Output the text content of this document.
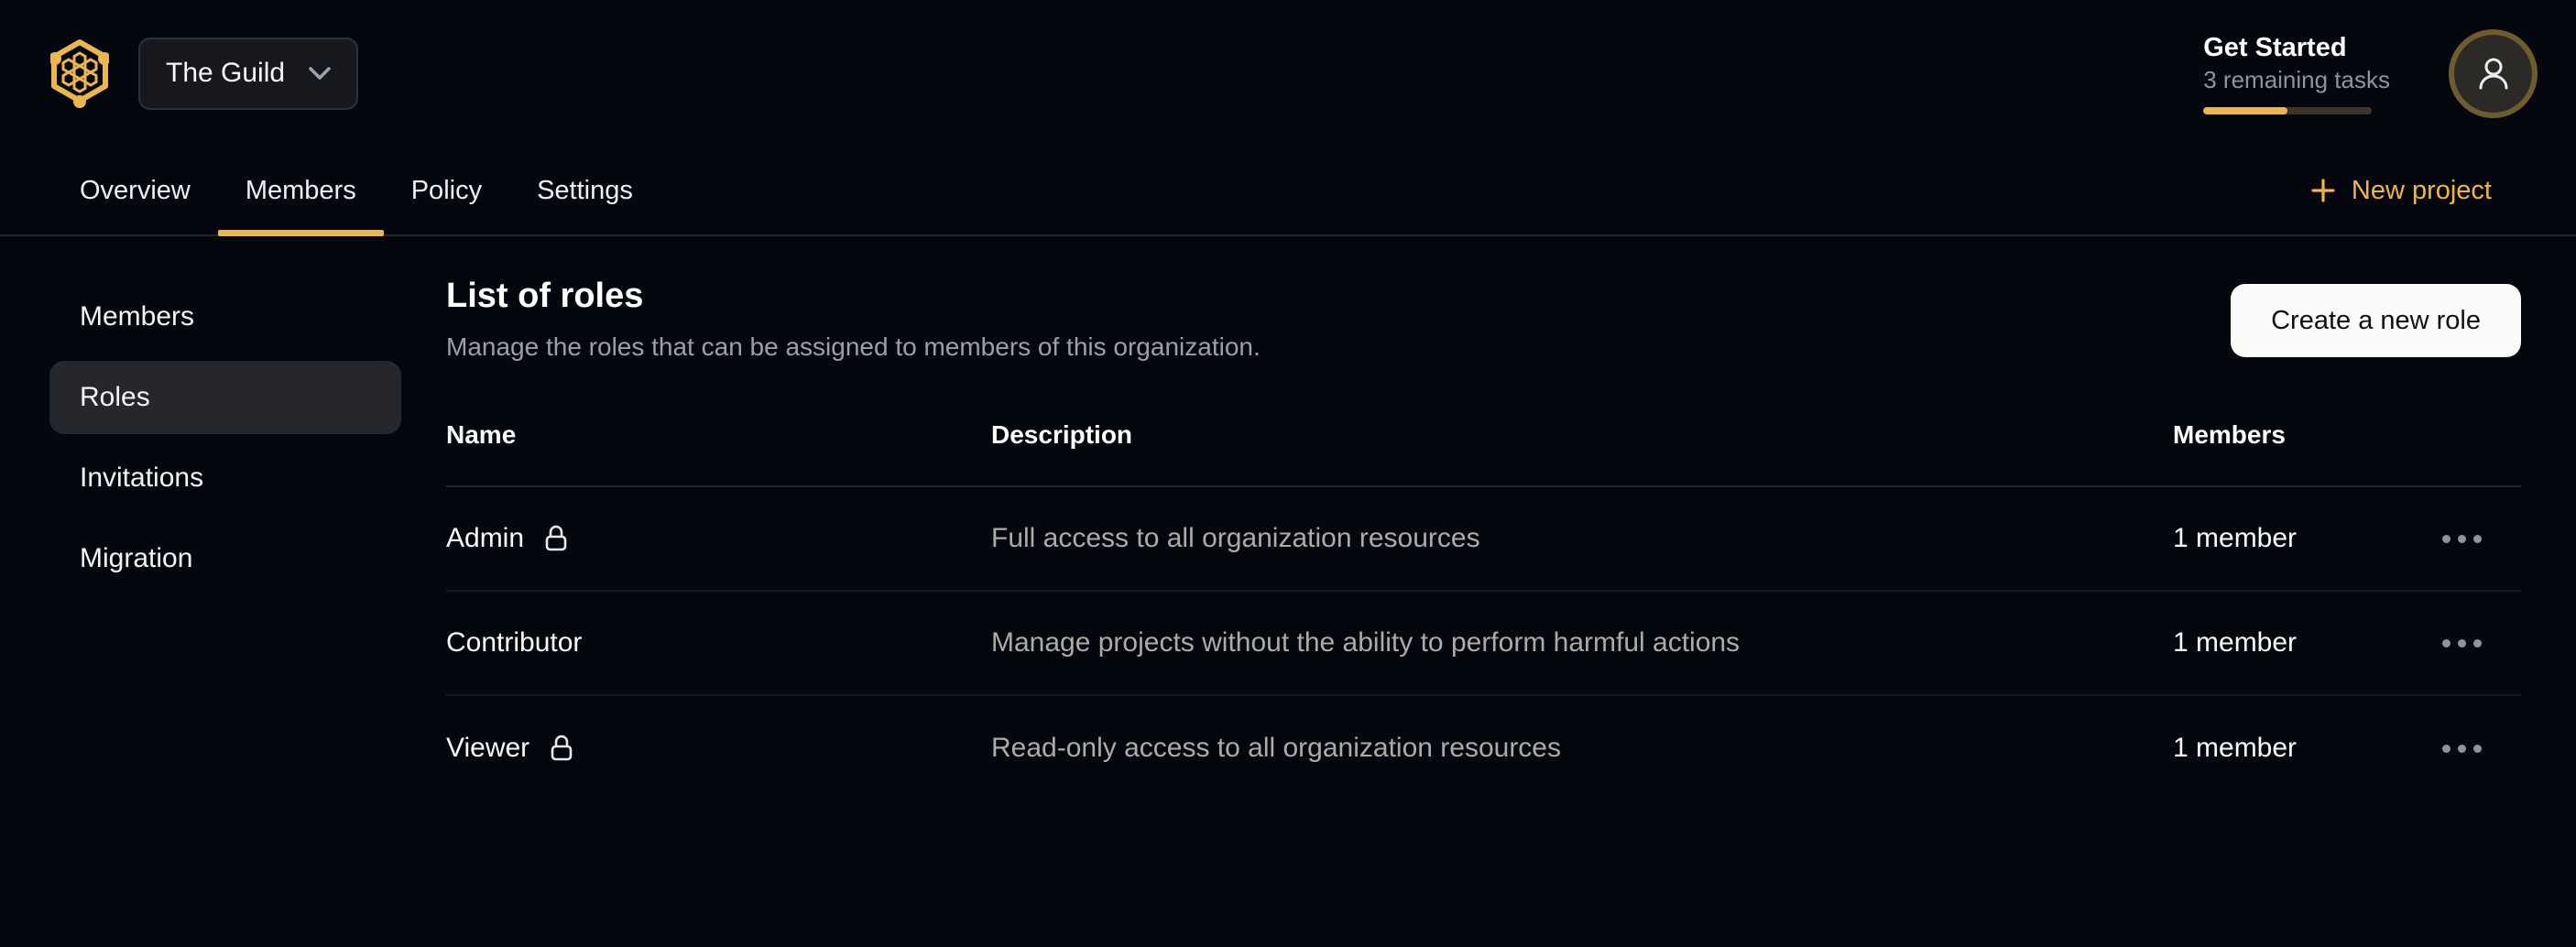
The Guild
Get Started
3 remaining tasks
Overview	Members	Policy	Settings	New project
Members
Roles
Invitations
Migration
List of roles

Manage the roles that can be assigned to members of this organization.

Create a new role
Name	Description	Members
Admin	Full access to all organization resources	1 member
Contributor	Manage projects without the ability to perform harmful actions	1 member
Viewer	Read-only access to all organization resources	1 member
